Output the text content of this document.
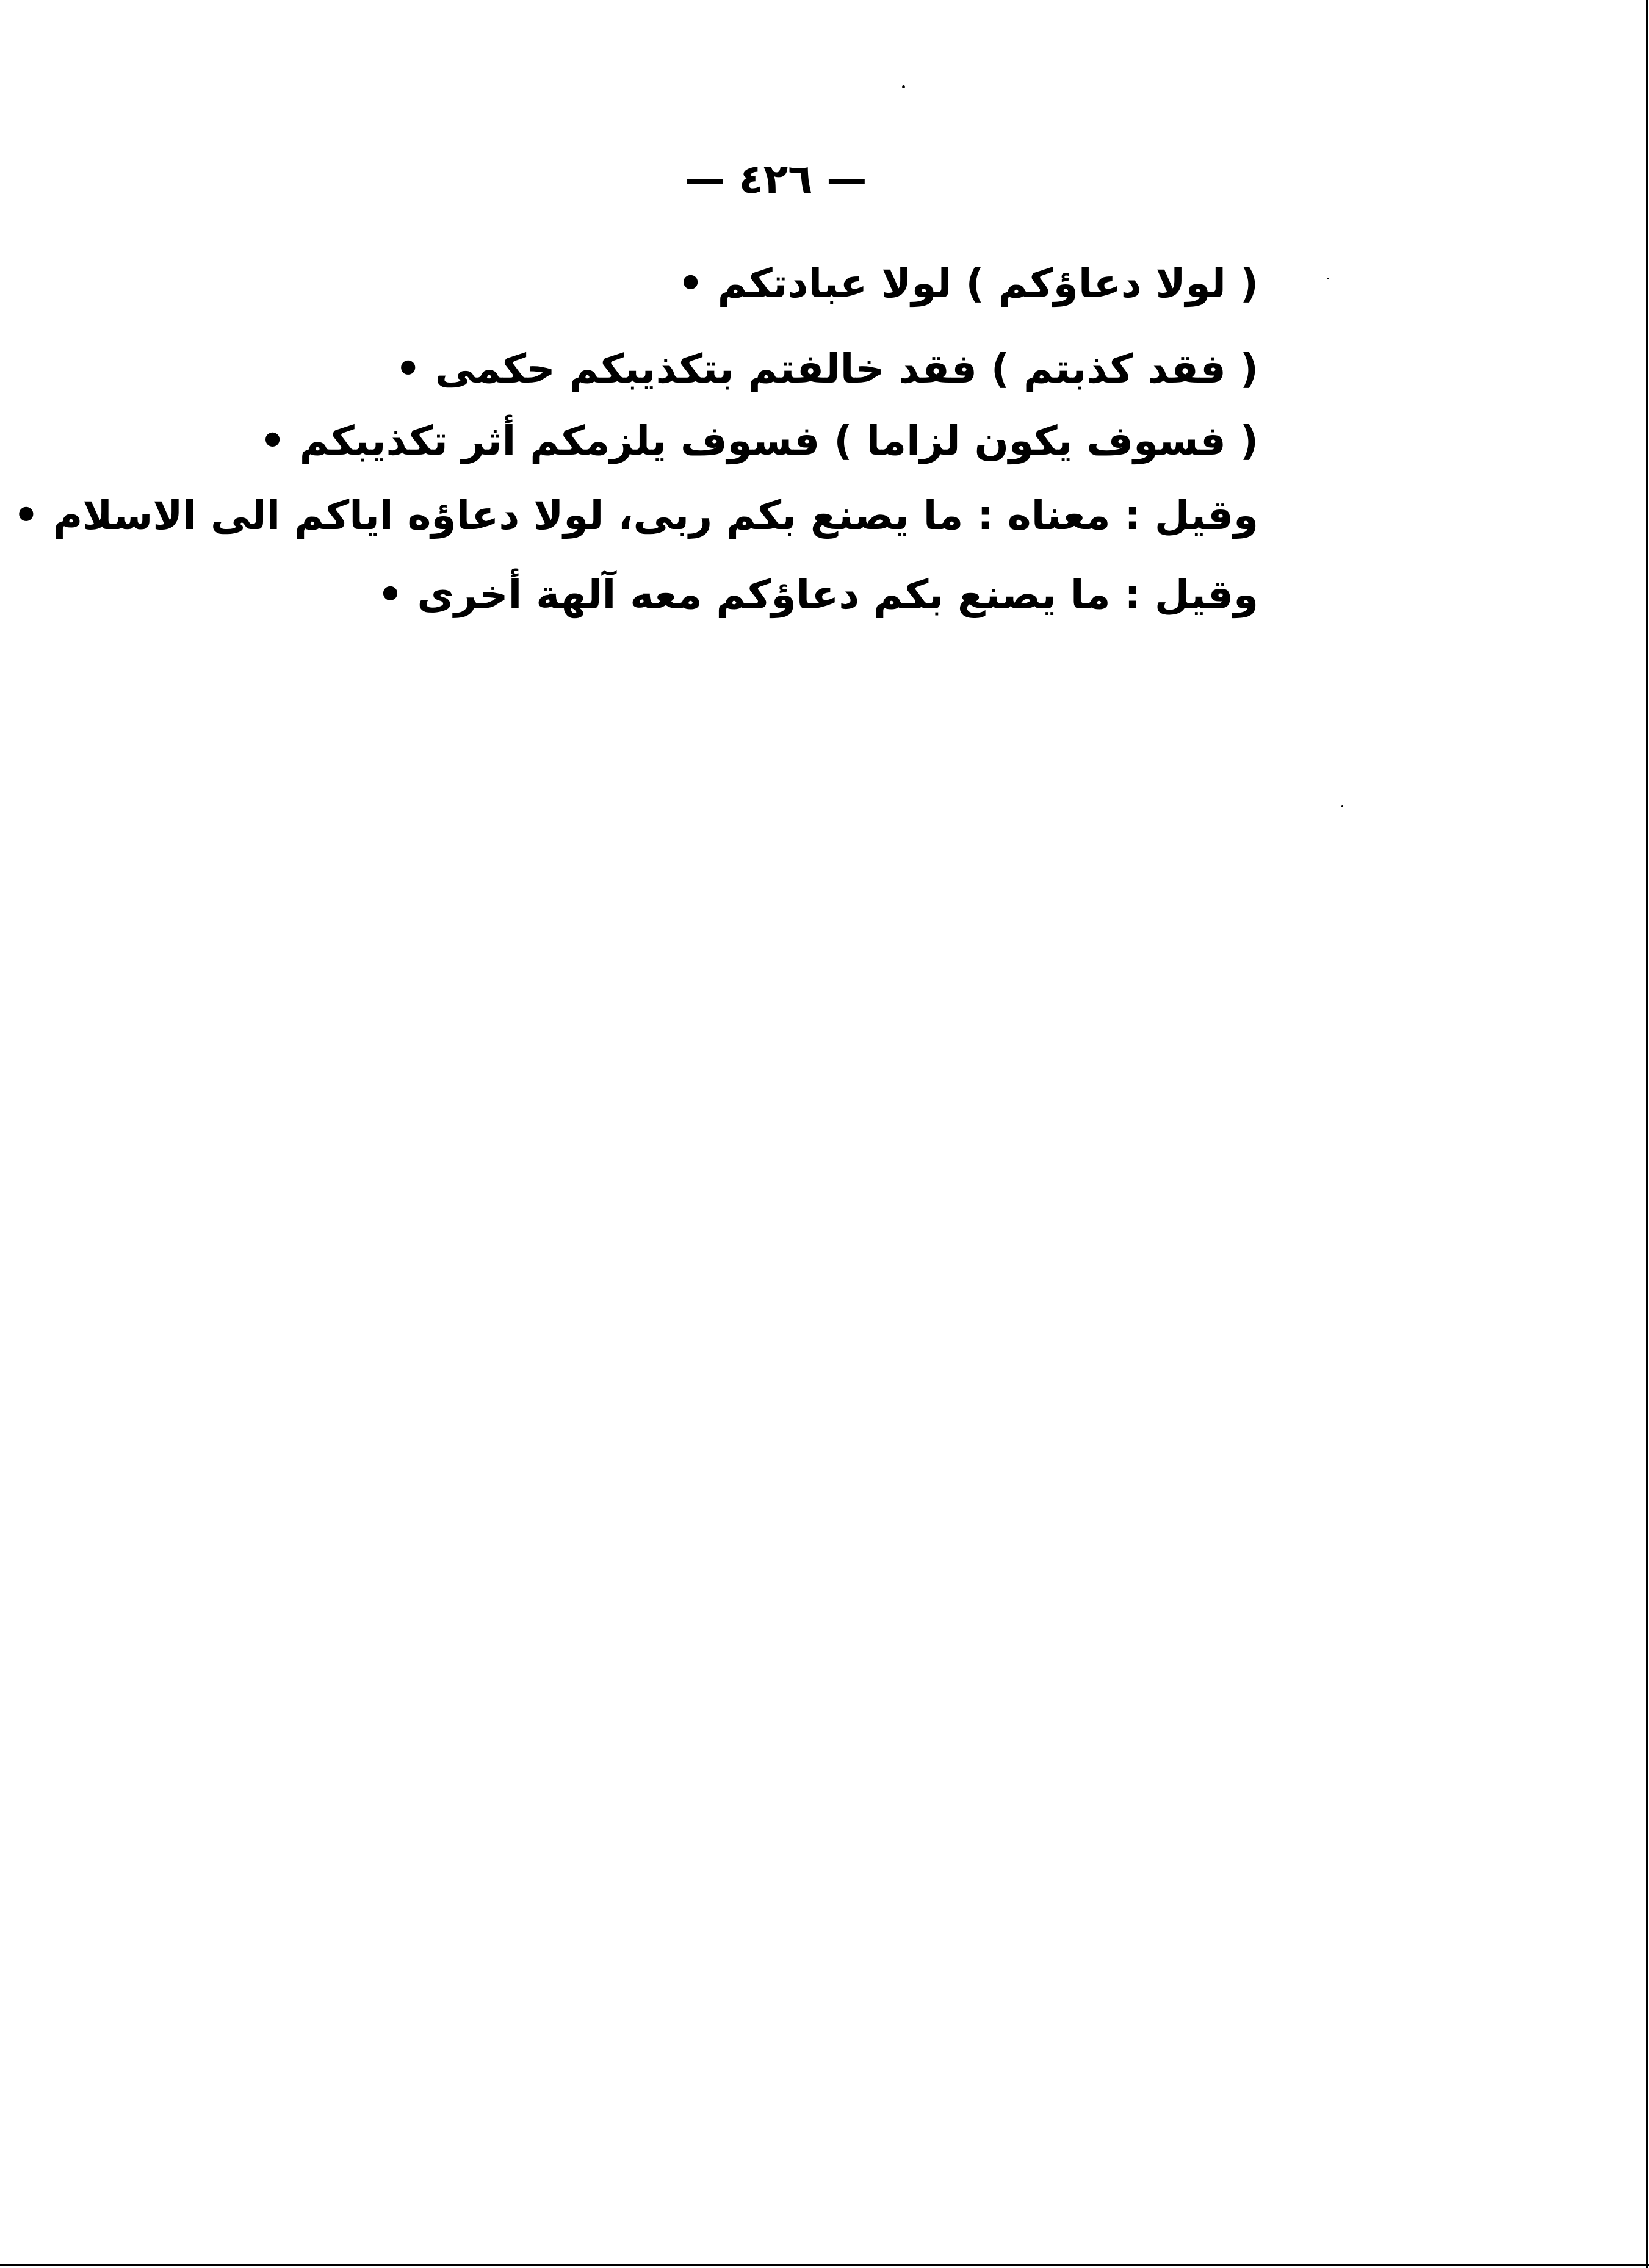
— ٤٢٦ —
( لولا دعاؤكم ) لولا عبادتكم •
( فقد كذبتم ) فقد خالفتم بتكذيبكم حكمى •
( فسوف يكون لزاما ) فسوف يلزمكم أثر تكذيبكم •
وقيل : معناه : ما يصنع بكم ربى، لولا دعاؤه اياكم الى الاسلام •
وقيل : ما يصنع بكم دعاؤكم معه آلهة أخرى •
